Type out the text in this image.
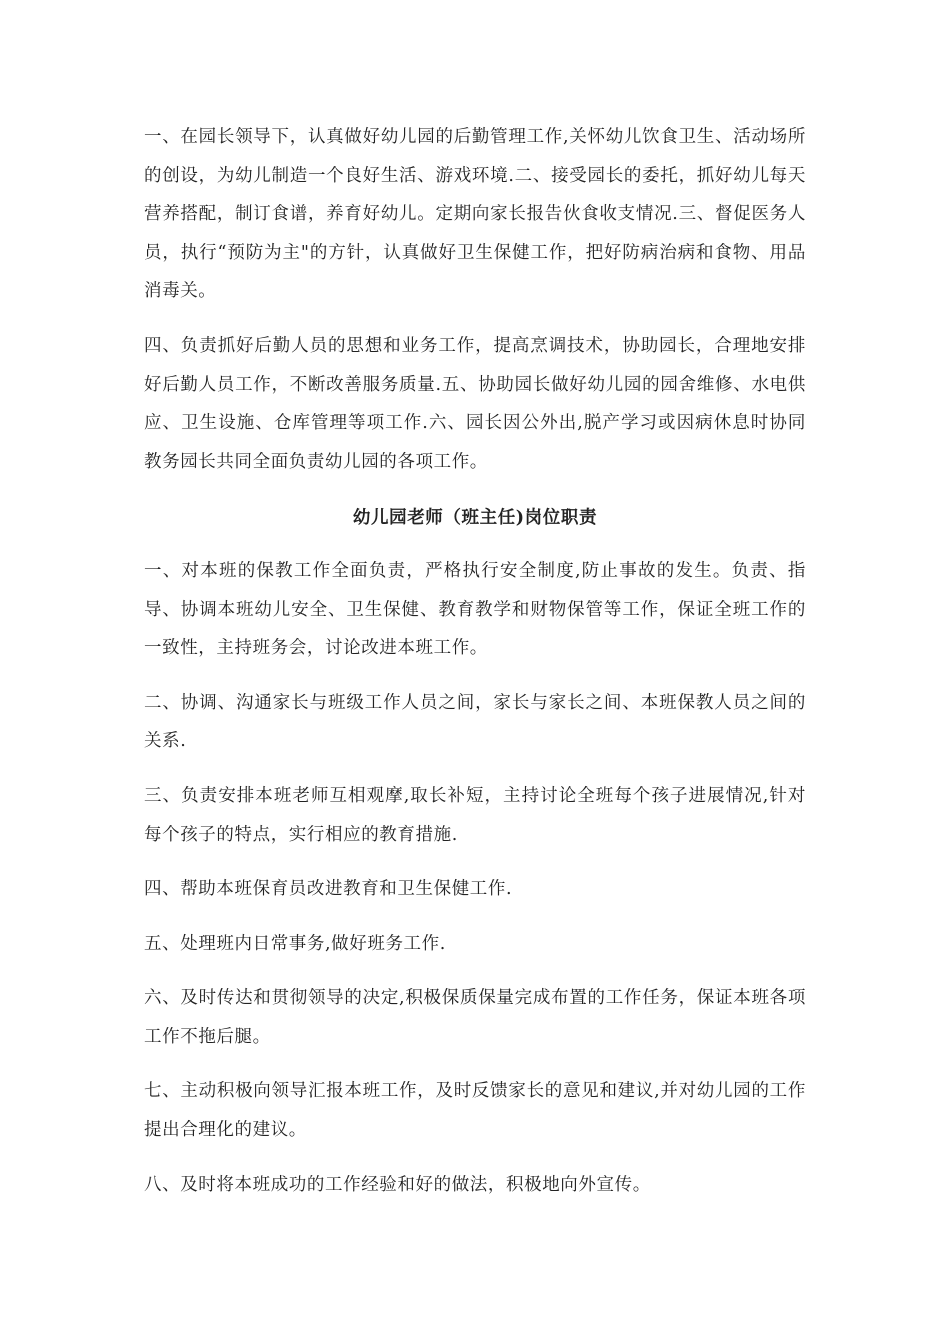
一、在园长领导下，认真做好幼儿园的后勤管理工作,关怀幼儿饮食卫生、活动场所的创设，为幼儿制造一个良好生活、游戏环境.二、接受园长的委托，抓好幼儿每天营养搭配，制订食谱，养育好幼儿。定期向家长报告伙食收支情况.三、督促医务人员，执行“预防为主"的方针，认真做好卫生保健工作，把好防病治病和食物、用品消毒关。

四、负责抓好后勤人员的思想和业务工作，提高烹调技术，协助园长，合理地安排好后勤人员工作，不断改善服务质量.五、协助园长做好幼儿园的园舍维修、水电供应、卫生设施、仓库管理等项工作.六、园长因公外出,脱产学习或因病休息时协同教务园长共同全面负责幼儿园的各项工作。

幼儿园老师（班主任)岗位职责

一、对本班的保教工作全面负责，严格执行安全制度,防止事故的发生。负责、指导、协调本班幼儿安全、卫生保健、教育教学和财物保管等工作，保证全班工作的一致性，主持班务会，讨论改进本班工作。

二、协调、沟通家长与班级工作人员之间，家长与家长之间、本班保教人员之间的关系.

三、负责安排本班老师互相观摩,取长补短，主持讨论全班每个孩子进展情况,针对每个孩子的特点，实行相应的教育措施.

四、帮助本班保育员改进教育和卫生保健工作.

五、处理班内日常事务,做好班务工作.

六、及时传达和贯彻领导的决定,积极保质保量完成布置的工作任务，保证本班各项工作不拖后腿。

七、主动积极向领导汇报本班工作，及时反馈家长的意见和建议,并对幼儿园的工作提出合理化的建议。

八、及时将本班成功的工作经验和好的做法，积极地向外宣传。
